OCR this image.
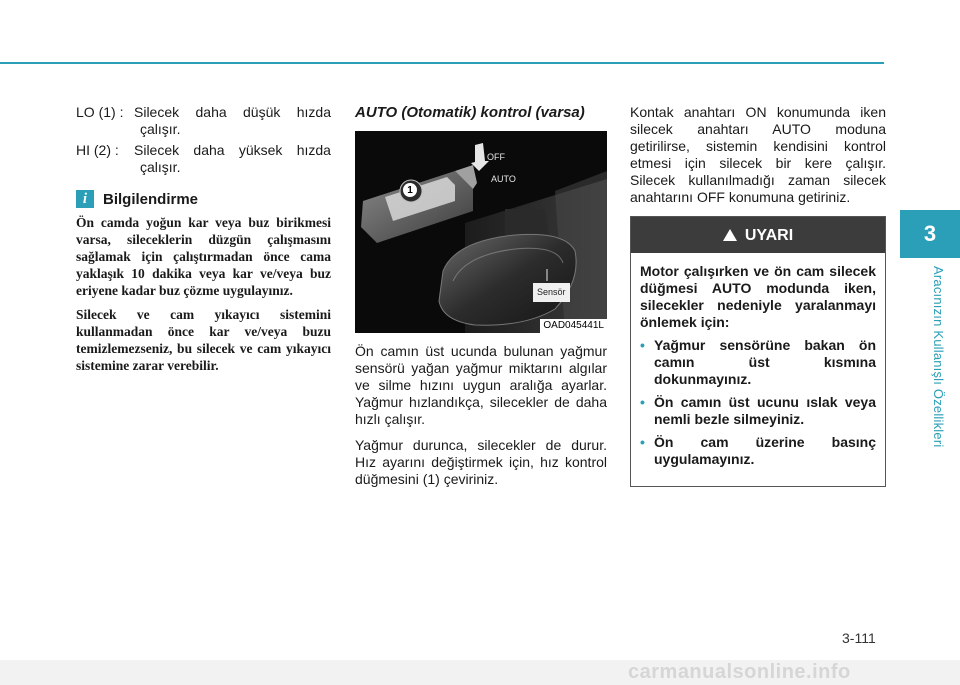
3
Aracınızın Kullanışlı Özellikleri
LO (1) : Silecek daha düşük hızda
çalışır.
HI (2) :	Silecek daha yüksek hızda
çalışır.
i	Bilgilendirme

Ön camda yoğun kar veya buz birikmesi varsa, sileceklerin düzgün çalışmasını sağlamak için çalıştırmadan önce cama yaklaşık 10 dakika veya kar ve/veya buz eriyene kadar buz çözme uygulayınız.

Silecek ve cam yıkayıcı sistemini kullanmadan önce kar ve/veya buzu temizlemezseniz, bu silecek ve cam yıkayıcı sistemine zarar verebilir.

AUTO (Otomatik) kontrol (varsa)
OFF
AUTO
1
Sensör
OAD045441L

Ön camın üst ucunda bulunan yağmur sensörü yağan yağmur miktarını algılar ve silme hızını uygun aralığa ayarlar. Yağmur hızlandıkça, silecekler de daha hızlı çalışır.

Yağmur durunca, silecekler de durur. Hız ayarını değiştirmek için, hız kontrol düğmesini (1) çeviriniz.

Kontak anahtarı ON konumunda iken silecek anahtarı AUTO moduna getirilirse, sistemin kendisini kontrol etmesi için silecek bir kere çalışır. Silecek kullanılmadığı zaman silecek anahtarını OFF konumuna getiriniz.

UYARI

Motor çalışırken ve ön cam silecek düğmesi AUTO modunda iken, silecekler nedeniyle yaralanmayı önlemek için:

• Yağmur sensörüne bakan ön camın üst kısmına dokunmayınız.
• Ön camın üst ucunu ıslak veya nemli bezle silmeyiniz.
• Ön cam üzerine basınç uygulamayınız.
3-111
carmanualsonline.info
